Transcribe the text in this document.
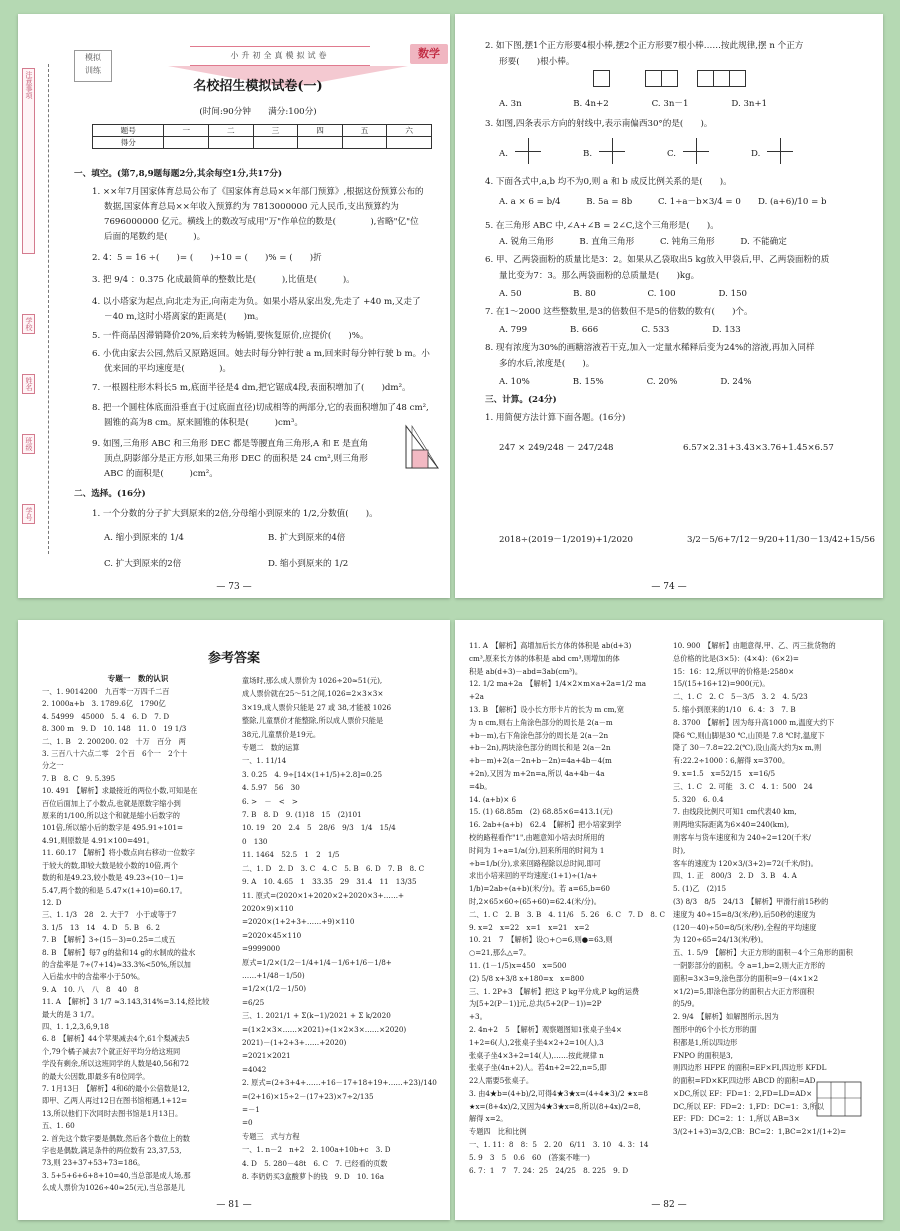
注意事项
学校
姓名
班级
学号
模拟
训练
小升初全真模拟试卷	数学
名校招生模拟试卷(一)
(时间:90分钟　　满分:100分)
题号	一	二	三	四	五	六
得分						
一、填空。(第7,8,9题每题2分,其余每空1分,共17分)
1. ××年7月国家体育总局公布了《国家体育总局××年部门预算》,根据这份预算公布的
数据,国家体育总局××年收入预算约为 7813000000 元人民币,支出预算约为
7696000000 亿元。横线上的数改写成用"万"作单位的数是(　　　　),省略"亿"位
后面的尾数约是(　　　)。
2. 4：5 = 16 ÷(　　)= (　　)÷10 = (　　)% = (　　)折
3. 把 9/4 ：0.375 化成最简单的整数比是(　　　),比值是(　　　)。
4. 以小塔家为起点,向北走为正,向南走为负。如果小塔从家出发,先走了 +40 m,又走了
－40 m,这时小塔离家的距离是(　　)m。
5. 一件商品因滞销降价20%,后来转为畅销,要恢复原价,应提价(　　)%。
6. 小优由家去公园,然后又原路返回。她去时每分钟行驶 a m,回来时每分钟行驶 b m。小
优来回的平均速度是(　　　　)。
7. 一根圆柱形木料长5 m,底面半径是4 dm,把它锯成4段,表面积增加了(　　)dm²。
8. 把一个圆柱体底面沿垂直于(过底面直径)切成相等的两部分,它的表面积增加了48 cm²,
圆锥的高为8 cm。原来圆锥的体积是(　　　)cm³。
9. 如图,三角形 ABC 和三角形 DEC 都是等腰直角三角形,A 和 E 是直角
顶点,阴影部分是正方形,如果三角形 DEC 的面积是 24 cm²,则三角形
ABC 的面积是(　　　)cm²。
二、选择。(16分)
1. 一个分数的分子扩大到原来的2倍,分母缩小到原来的 1/2,分数值(　　)。
A. 缩小到原来的 1/4	B. 扩大到原来的4倍
C. 扩大到原来的2倍	D. 缩小到原来的 1/2
— 73 —
2. 如下图,摆1个正方形要4根小棒,摆2个正方形要7根小棒……按此规律,摆 n 个正方
形要(　　)根小棒。
A. 3n　　　　　　B. 4n+2　　　　　C. 3n－1　　　　　D. 3n+1
3. 如图,四条表示方向的射线中,表示南偏西30°的是(　　)。
A.	B.	C.	D.
4. 下面各式中,a,b 均不为0,则 a 和 b 成反比例关系的是(　　)。
A. a × 6 = b/4　　　B. 5a = 8b　　　C. 1÷a－b×3/4 = 0　　D. (a+6)/10 = b
5. 在三角形 ABC 中,∠A+∠B = 2∠C,这个三角形是(　　)。
A. 锐角三角形　　　B. 直角三角形　　　C. 钝角三角形　　　D. 不能确定
6. 甲、乙两袋面粉的质量比是3：2。如果从乙袋取出5 kg放入甲袋后,甲、乙两袋面粉的质
量比变为7：3。那么两袋面粉的总质量是(　　)kg。
A. 50　　　　　　B. 80　　　　　　C. 100　　　　　D. 150
7. 在1～2000 这些整数里,是3的倍数但不是5的倍数的数有(　　)个。
A. 799　　　　　B. 666　　　　　C. 533　　　　　D. 133
8. 现有浓度为30%的画糖溶液若干克,加入一定量水稀释后变为24%的溶液,再加入同样
多的水后,浓度是(　　)。
A. 10%　　　　　B. 15%　　　　　C. 20%　　　　　D. 24%
三、计算。(24分)
1. 用简便方法计算下面各题。(16分)
247 × 249/248 － 247/248	6.57×2.31+3.43×3.76+1.45×6.57
2018÷(2019－1/2019)+1/2020	3/2－5/6+7/12－9/20+11/30－13/42+15/56
— 74 —
参考答案
专题一　数的认识
一、1. 9014200　九百零一万四千二百
2. 1000a+b　3. 1789.6亿　1790亿
4. 54999　45000　5. 4　6. D　7. D
8. 300 m　9. D　10. 148　11. 0　19 1/3
二、1. B　2. 200200. 02　十万　百分　两
3. 三百八十六点二零　2个百　6个一　2个十
分之一
7. B　8. C　9. 5.395
10. 491　【解析】求最接近的两位小数,可知是在
百位后面加上了小数点,也就是原数字缩小到
原来的1/100,所以这个和就是缩小后数字的
101倍,所以缩小后的数字是 495.91÷101=
4.91,则原数是 4.91×100=491。
11. 60.17　【解析】将小数点向右移动一位数字
于较大的数,即较大数是较小数的10倍,两个
数的和是49.23,较小数是 49.23÷(10－1)=
5.47,两个数的和是 5.47×(1+10)=60.17。
12. D
三、1. 1/3　28　2. 大于7　小于或等于7
3. 1/5　13　14　4. D　5. B　6. 2
7. B　【解析】3÷(15－3)=0.25=二成五
8. B　【解析】每7 g的盐和14 g的水制成的盐水
的含盐率是 7÷(7+14)≈33.3%<50%,所以加
入后盐水中的含盐率小于50%。
9. A　10. 八　八　8　40　8
11. A　【解析】3 1/7 ≈3.143,314%=3.14,经比较
最大的是 3 1/7。
四、1. 1,2,3,6,9,18
6. 8　【解析】44个苹果减去4个,61个梨减去5
个,79个橘子减去7个就正好平均分给这班同
学没有剩余,所以这班同学的人数是40,56和72
的最大公因数,即最多有8位同学。
7. 1月13日　【解析】4和6的最小公倍数是12,
即甲、乙两人再过12日在图书馆相遇,1+12=
13,所以他们下次同时去图书馆是1月13日。
五、1. 60
2. 首先这个数字要是偶数,然后各个数位上的数
字也是偶数,满足条件的两位数有 23,37,53,
73,则 23+37+53+73=186。
3. 5+5+6+6+8+10=40,当总部是成人场,那
么成人票价为1026÷40≈25(元),当总部是儿
童场时,那么成人票价为 1026÷20≈51(元),
成人票价就在25～51之间,1026=2×3×3×
3×19,成人票价只能是 27 或 38,才能被 1026
整除,儿童票价才能整除,所以成人票价只能是
38元,儿童票价是19元。
专题二　数的运算
一、1. 11/14
3. 0.25　4. 9÷[14×(1+1/5)+2.8]=0.25
4. 5.97　56　30
6. >　－　<　>
7. B　8. D　9. (1)18　15　(2)101
10. 19　20　2.4　5　28/6　9/3　1/4　15/4
0　130
11. 1464　52.5　1　2　1/5
二、1. D　2. D　3. C　4. C　5. B　6. D　7. B　8. C
9. A　10. 4.65　1　33.35　29　31.4　11　13/35
11. 原式=(2020×1+2020×2+2020×3+……+
2020×9)×110
=2020×(1+2+3+……+9)×110
=2020×45×110
=9999000
原式=1/2×(1/2－1/4+1/4－1/6+1/6－1/8+
……+1/48－1/50)
=1/2×(1/2－1/50)
=6/25
三、1. 2021/1 + Σ(k−1)/2021 + Σ k/2020
=(1×2×3×……×2021)÷(1×2×3×……×2020)
2021)－(1+2+3+……+2020)
=2021×2021
=4042
2. 原式=(2+3+4+……+16－17+18+19+……+23)/140
=(2+16)×15÷2－(17+23)×7÷2/135
=－1
=0
专题三　式与方程
一、1. n－2　n+2　2. 100a+10b+c　3. D
4. D　5. 280－48t　6. C　7. 已经看的页数
8. 李奶奶买3盒酸萝卜的钱　9. D　10. 16a
— 81 —
11. A　【解析】高增加后长方体的体积是 ab(d+3)
cm³,原来长方体的体积是 abd cm³,则增加的体
积是 ab(d+3)－abd=3ab(cm³)。
12. 1/2 ma+2a　【解析】1/4×2×m×a+2a=1/2 ma
+2a
13. B　【解析】设小长方形卡片的长为 m cm,宽
为 n cm,则右上角涂色部分的周长是 2(a－m
+b－m),右下角涂色部分的周长是 2(a－2n
+b－2n),两块涂色部分的周长和是 2(a－2n
+b－m)+2(a－2n+b－2n)=4a+4b－4(m
+2n),又因为 m+2n=a,所以 4a+4b－4a
=4b。
14. (a+b)× 6
15. (1) 68.85m　(2) 68.85×6=413.1(元)
16. 2ab+(a+b)　62.4　【解析】把小培家到学
校的路程看作"1",由题意知小培去时所用的
时间为 1÷a=1/a(分),回来所用的时间为 1
÷b=1/b(分),求来回路程除以总时间,即可
求出小培来回的平均速度:(1+1)÷(1/a+
1/b)=2ab÷(a+b)(米/分)。若 a=65,b=60
时,2×65×60÷(65+60)=62.4(米/分)。
二、1. C　2. B　3. B　4. 11/6　5. 26　6. C　7. D　8. C
9. x=2　x=22　x=1　x=21　x=2
10. 21　7　【解析】设○+○=6,则●=63,则
○=21,那么△=7。
11. (1－1/5)x=450　x=500
(2) 5/8 x+3/8 x+180=x　x=800
三、1. 2P+3　【解析】把这 P kg平分成,P kg的运费
为[5+2(P－1)]元,总共(5+2(P－1))=2P
+3。
2. 4n+2　5　【解析】观察题图知1张桌子坐4×
1+2=6(人),2张桌子坐4×2+2=10(人),3
张桌子坐4×3+2=14(人),……按此规律 n
张桌子坐(4n+2)人。若4n+2=22,n=5,即
22人需要5张桌子。
3. 由4★b=(4+b)/2,可得4★3★x=(4+4★3)/2 ★x=8
★x=(8+4x)/2,又因为4★3★x=8,所以(8+4x)/2=8,
解得 x=2。
专题四　比和比例
一、1. 11：8　8：5　2. 20　6/11　3. 10　4. 3：14
5. 9　3　5　0.6　60　(答案不唯一)
6. 7：1　7　7. 24：25　24/25　8. 225　9. D
10. 900　【解析】由题意得,甲、乙、丙三批货物的
总价格的比是(3×5)：(4×4)：(6×2)=
15：16：12,所以甲的价格是:2580×
15/(15+16+12)=900(元)。
二、1. C　2. C　5－3/5　3. 2　4. 5/23
5. 缩小到原来的1/10　6. 4：3　7. B
8. 3700　【解析】因为每升高1000 m,温度大约下
降6 ℃,则山脚是30 ℃,山顶是 7.8 ℃时,温度下
降了 30－7.8=22.2(℃),设山高大约为x m,则
有:22.2÷1000∶6,解得 x=3700。
9. x=1.5　x=52/15　x=16/5
三、1. C　2. 可能　3. C　4. 1：500　24
5. 320　6. 0.4
7. 由线段比例尺可知1 cm代表40 km,
则两地实际距离为6×40=240(km),
则客车与货车速度和为 240÷2=120(千米/
时),
客车的速度为 120×3/(3+2)=72(千米/时)。
四、1. 正　800/3　2. D　3. B　4. A
5. (1)乙　(2)15
(3) 8/3　8/5　24/13　【解析】甲滑行前15秒的
速度为 40÷15=8/3(米/秒),后50秒的速度为
(120－40)÷50=8/5(米/秒),全程的平均速度
为 120÷65=24/13(米/秒)。
五、1. 5/9　【解析】大正方形的面积－4个三角形的面积
一阴影部分的面积。令 a=1,b=2,则大正方形的
面积=3×3=9,涂色部分的面积=9－(4×1×2
×1/2)=5,即涂色部分的面积占大正方形面积
的5/9。
2. 9/4　【解析】如解图所示,因为
图形中的6个小长方形的面
积都是1,所以四边形
FNPO 的面积是3,
则四边形 HFPE 的面积=EF×FI,四边形 KFDL
的面积=FD×KF,四边形 ABCD 的面积=AD
×DC,所以 EF：FD=1：2,FD=LD=AD×
DC,所以 EF：FD=2：1,FD：DC=1：3,所以
EF：FD：DC=2：1：1,所以 AB=3×
3/(2+1+3)=3/2,CB：BC=2：1,BC=2×1/(1+2)=
— 82 —
